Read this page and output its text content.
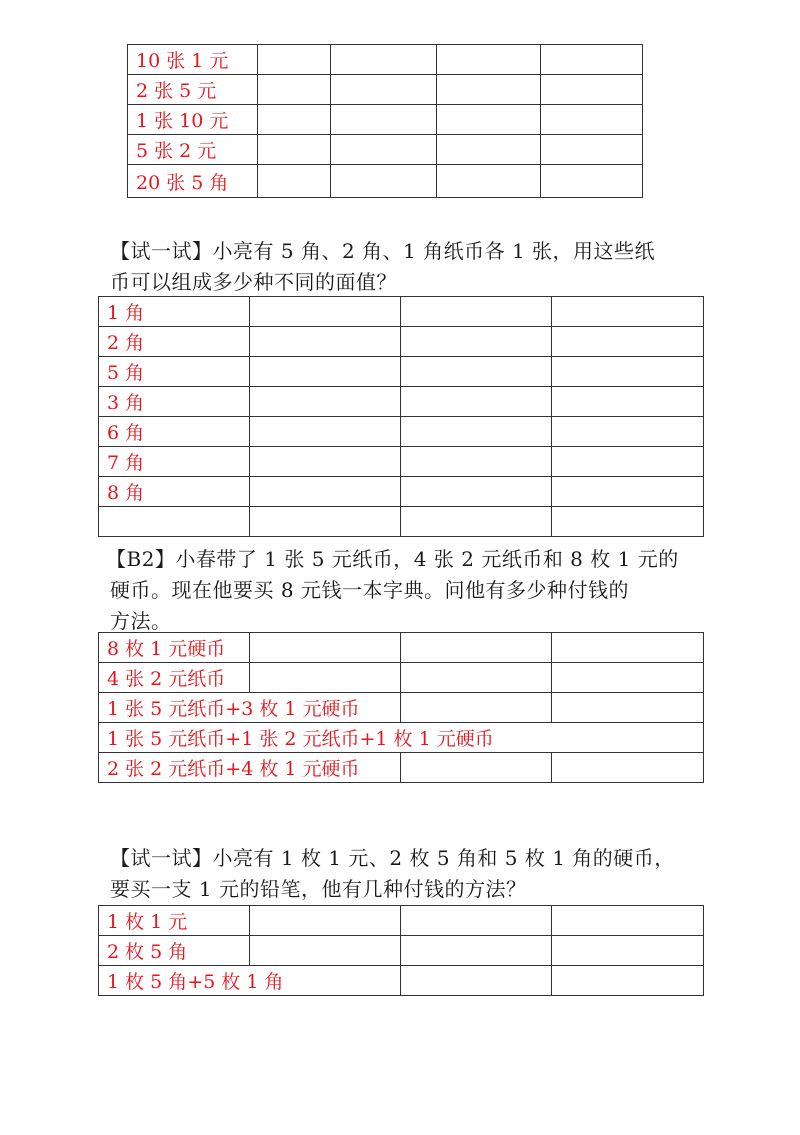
10 张 1 元				
2 张 5 元				
1 张 10 元				
5 张 2 元				
20 张 5 角				

【试一试】小亮有 5 角、2 角、1 角纸币各 1 张，用这些纸

币可以组成多少种不同的面值？

1 角			
2 角			
5 角			
3 角			
6 角			
7 角			
8 角			

【B2】小春带了 1 张 5 元纸币，4 张 2 元纸币和 8 枚 1 元的

硬币。现在他要买 8 元钱一本字典。问他有多少种付钱的

方法。

8 枚 1 元硬币			
4 张 2 元纸币			
1 张 5 元纸币+3 枚 1 元硬币			
1 张 5 元纸币+1 张 2 元纸币+1 枚 1 元硬币			
2 张 2 元纸币+4 枚 1 元硬币			

【试一试】小亮有 1 枚 1 元、2 枚 5 角和 5 枚 1 角的硬币，

要买一支 1 元的铅笔，他有几种付钱的方法？

1 枚 1 元			
2 枚 5 角			
1 枚 5 角+5 枚 1 角			
